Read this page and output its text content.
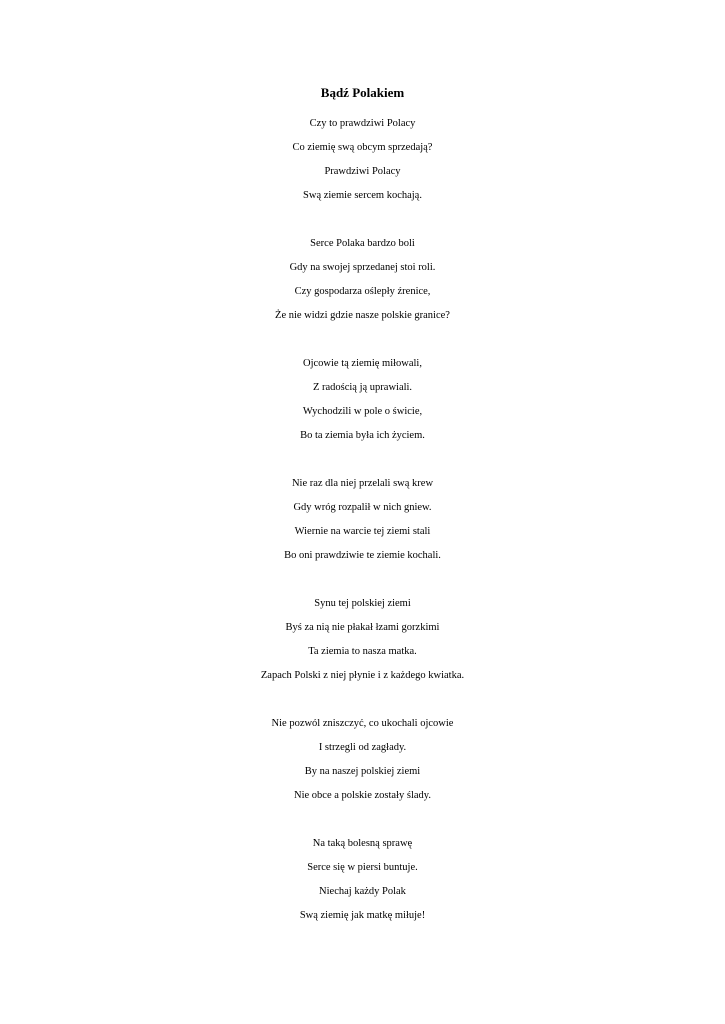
Bądź Polakiem
Czy to prawdziwi Polacy
Co ziemię swą obcym sprzedają?
Prawdziwi Polacy
Swą ziemie sercem kochają.
Serce Polaka bardzo boli
Gdy na swojej sprzedanej stoi roli.
Czy gospodarza oślepły źrenice,
Że nie widzi gdzie nasze polskie granice?
Ojcowie tą ziemię miłowali,
Z radością ją uprawiali.
Wychodzili w pole o świcie,
Bo ta ziemia była ich życiem.
Nie raz dla niej przelali swą krew
Gdy wróg rozpalił w nich gniew.
Wiernie na warcie tej ziemi stali
Bo oni prawdziwie te ziemie kochali.
Synu tej polskiej ziemi
Byś za nią nie płakał łzami gorzkimi
Ta ziemia to nasza matka.
Zapach Polski z niej płynie i z każdego kwiatka.
Nie pozwól zniszczyć, co ukochali ojcowie
I strzegli od zagłady.
By na naszej polskiej ziemi
Nie obce a polskie zostały ślady.
Na taką bolesną sprawę
Serce się w piersi buntuje.
Niechaj każdy Polak
Swą ziemię jak matkę miłuje!
